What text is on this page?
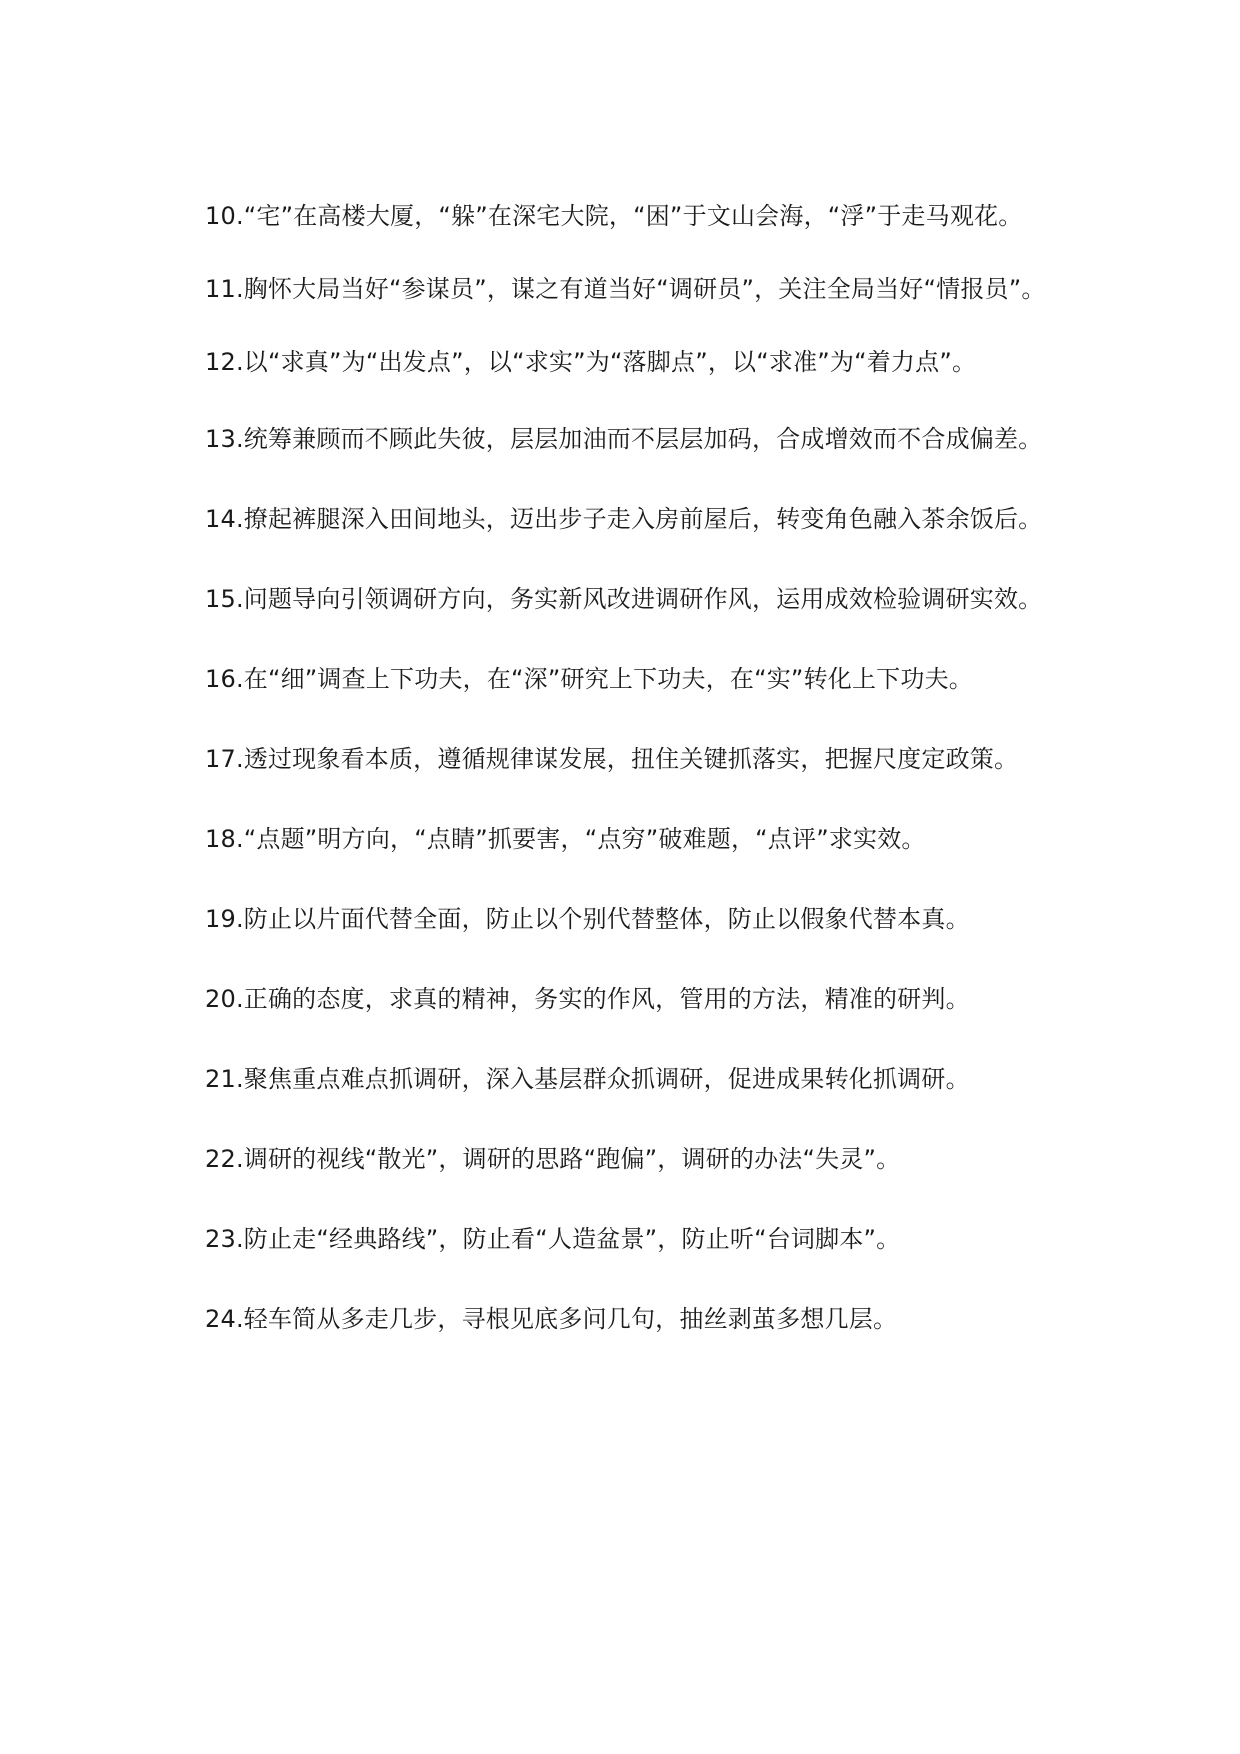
10.“宅”在高楼大厦，“躲”在深宅大院，“困”于文山会海，“浮”于走马观花。

11.胸怀大局当好“参谋员”，谋之有道当好“调研员”，关注全局当好“情报员”。

12.以“求真”为“出发点”，以“求实”为“落脚点”，以“求准”为“着力点”。

13.统筹兼顾而不顾此失彼，层层加油而不层层加码，合成增效而不合成偏差。

14.撩起裤腿深入田间地头，迈出步子走入房前屋后，转变角色融入茶余饭后。

15.问题导向引领调研方向，务实新风改进调研作风，运用成效检验调研实效。

16.在“细”调查上下功夫，在“深”研究上下功夫，在“实”转化上下功夫。

17.透过现象看本质，遵循规律谋发展，扭住关键抓落实，把握尺度定政策。

18.“点题”明方向，“点睛”抓要害，“点穷”破难题，“点评”求实效。

19.防止以片面代替全面，防止以个别代替整体，防止以假象代替本真。

20.正确的态度，求真的精神，务实的作风，管用的方法，精准的研判。

21.聚焦重点难点抓调研，深入基层群众抓调研，促进成果转化抓调研。

22.调研的视线“散光”，调研的思路“跑偏”，调研的办法“失灵”。

23.防止走“经典路线”，防止看“人造盆景”，防止听“台词脚本”。

24.轻车简从多走几步，寻根见底多问几句，抽丝剥茧多想几层。
